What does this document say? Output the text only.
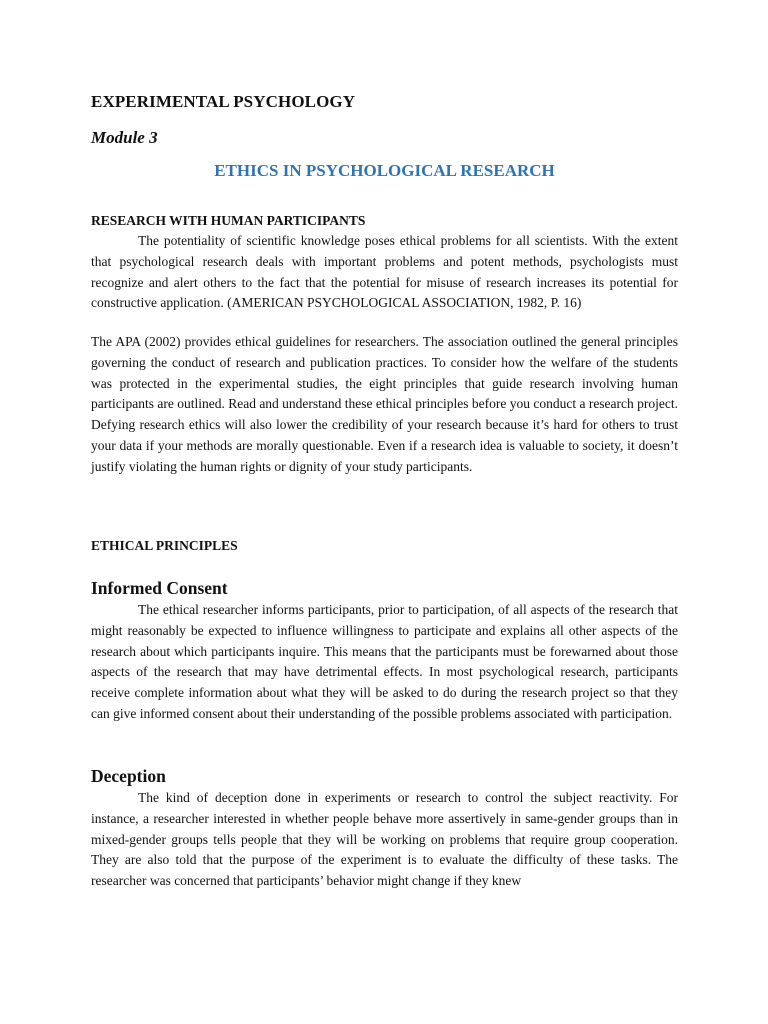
EXPERIMENTAL PSYCHOLOGY
Module 3
ETHICS IN PSYCHOLOGICAL RESEARCH
RESEARCH WITH HUMAN PARTICIPANTS

The potentiality of scientific knowledge poses ethical problems for all scientists. With the extent that psychological research deals with important problems and potent methods, psychologists must recognize and alert others to the fact that the potential for misuse of research increases its potential for constructive application. (AMERICAN PSYCHOLOGICAL ASSOCIATION, 1982, P. 16)

The APA (2002) provides ethical guidelines for researchers. The association outlined the general principles governing the conduct of research and publication practices. To consider how the welfare of the students was protected in the experimental studies, the eight principles that guide research involving human participants are outlined. Read and understand these ethical principles before you conduct a research project. Defying research ethics will also lower the credibility of your research because it’s hard for others to trust your data if your methods are morally questionable. Even if a research idea is valuable to society, it doesn’t justify violating the human rights or dignity of your study participants.

ETHICAL PRINCIPLES
Informed Consent

The ethical researcher informs participants, prior to participation, of all aspects of the research that might reasonably be expected to influence willingness to participate and explains all other aspects of the research about which participants inquire. This means that the participants must be forewarned about those aspects of the research that may have detrimental effects. In most psychological research, participants receive complete information about what they will be asked to do during the research project so that they can give informed consent about their understanding of the possible problems associated with participation.

Deception

The kind of deception done in experiments or research to control the subject reactivity. For instance, a researcher interested in whether people behave more assertively in same-gender groups than in mixed-gender groups tells people that they will be working on problems that require group cooperation. They are also told that the purpose of the experiment is to evaluate the difficulty of these tasks. The researcher was concerned that participants’ behavior might change if they knew
